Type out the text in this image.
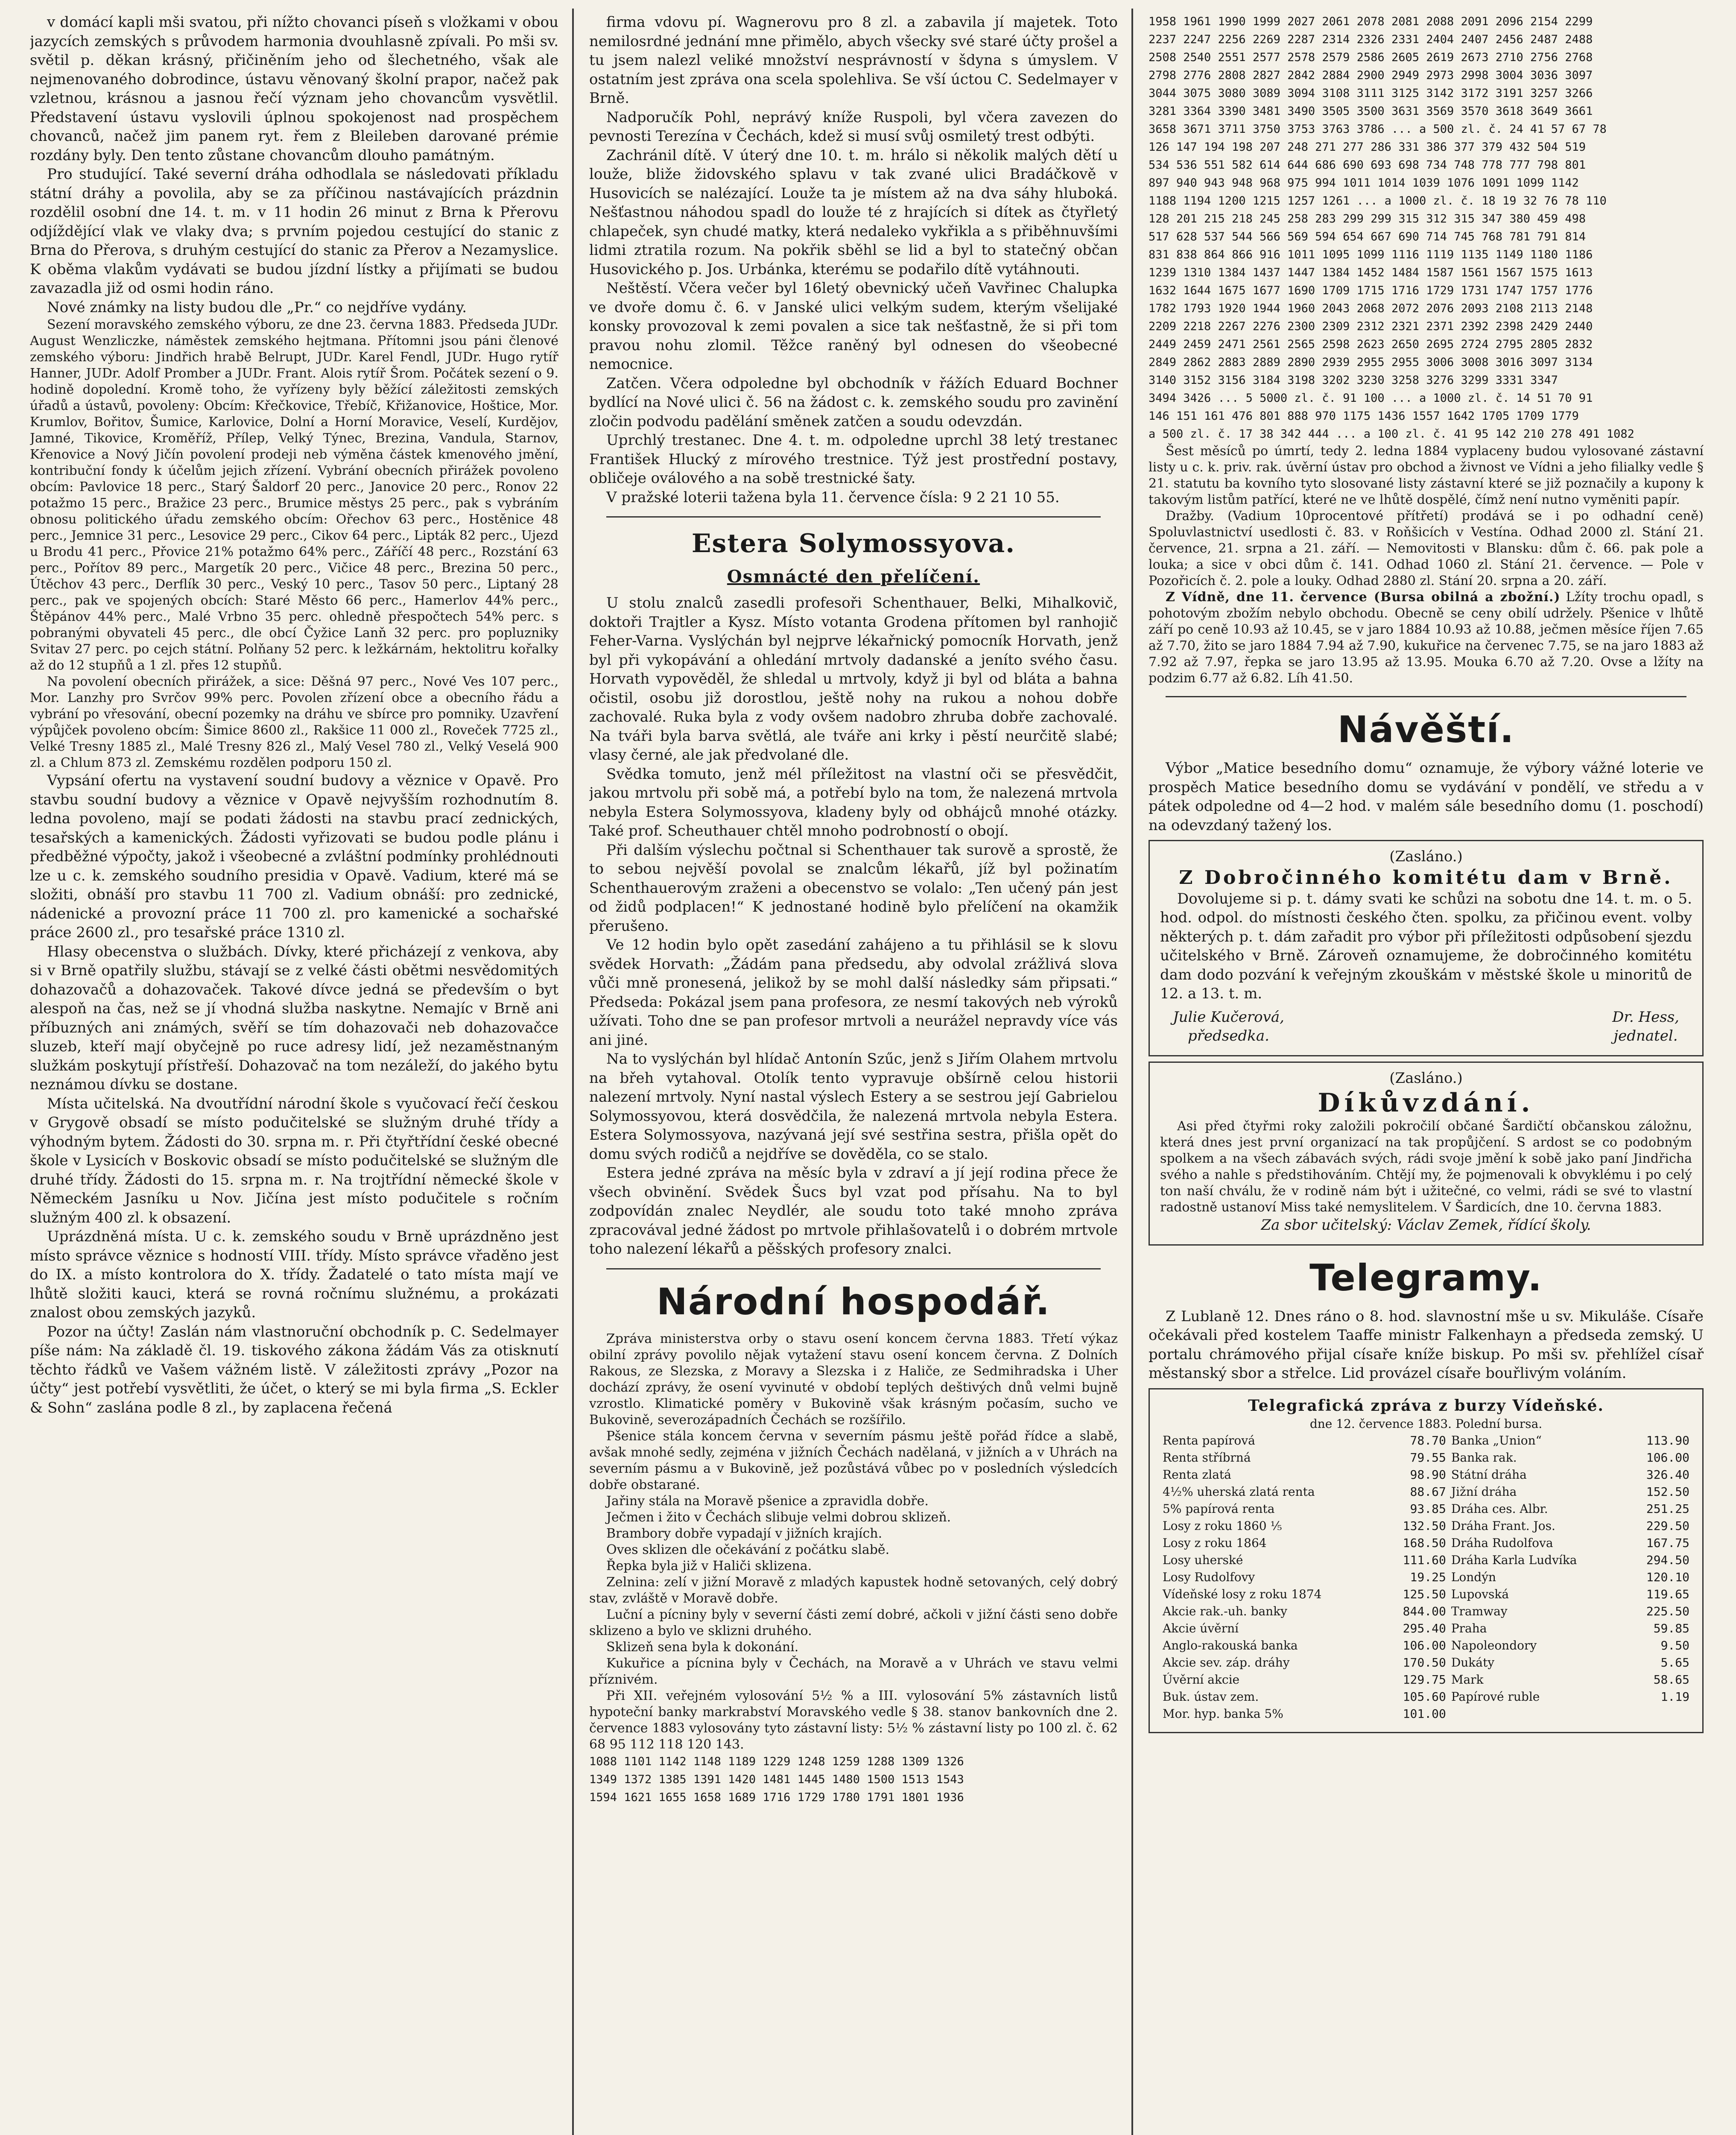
v domácí kapli mši svatou, při nížto chovanci píseň s vložkami v obou jazycích zemských s průvodem harmonia dvouhlasně zpívali. Po mši sv. světil p. děkan krásný, přičiněním jeho od šlechetného, však ale nejmenovaného dobrodince, ústavu věnovaný školní prapor, načež pak vzletnou, krásnou a jasnou řečí význam jeho chovancům vysvětlil. Představení ústavu vyslovili úplnou spokojenost nad prospěchem chovanců, načež jim panem ryt. řem z Bleileben darované prémie rozdány byly. Den tento zůstane chovancům dlouho památným.

Pro studující. Také severní dráha odhodlala se následovati příkladu státní dráhy a povolila, aby se za příčinou nastávajících prázdnin rozdělil osobní dne 14. t. m. v 11 hodin 26 minut z Brna k Přerovu odjíždějící vlak ve vlaky dva; s prvním pojedou cestující do stanic z Brna do Přerova, s druhým cestující do stanic za Přerov a Nezamyslice. K oběma vlakům vydávati se budou jízdní lístky a přijímati se budou zavazadla již od osmi hodin ráno.

Nové známky na listy budou dle „Pr.“ co nejdříve vydány.

Sezení moravského zemského výboru, ze dne 23. června 1883. Předseda JUDr. August Wenzliczke, náměstek zemského hejtmana. Přítomni jsou páni členové zemského výboru: Jindřich hrabě Belrupt, JUDr. Karel Fendl, JUDr. Hugo rytíř Hanner, JUDr. Adolf Promber a JUDr. Frant. Alois rytíř Šrom. Počátek sezení o 9. hodině dopolední. Kromě toho, že vyřízeny byly běžící záležitosti zemských úřadů a ústavů, povoleny: Obcím: Křečkovice, Třebíč, Křižanovice, Hoštice, Mor. Krumlov, Bořitov, Šumice, Karlovice, Dolní a Horní Moravice, Veselí, Kurdějov, Jamné, Tikovice, Kroměříž, Přílep, Velký Týnec, Brezina, Vandula, Starnov, Křenovice a Nový Jičín povolení prodeji neb výměna částek kmenového jmění, kontribuční fondy k účelům jejich zřízení. Vybrání obecních přirážek povoleno obcím: Pavlovice 18 perc., Starý Šaldorf 20 perc., Janovice 20 perc., Ronov 22 potažmo 15 perc., Bražice 23 perc., Brumice městys 25 perc., pak s vybráním obnosu politického úřadu zemského obcím: Ořechov 63 perc., Hostěnice 48 perc., Jemnice 31 perc., Lesovice 29 perc., Cikov 64 perc., Lipták 82 perc., Ujezd u Brodu 41 perc., Přovice 21% potažmo 64% perc., Záříčí 48 perc., Rozstání 63 perc., Pořítov 89 perc., Margetík 20 perc., Vičice 48 perc., Brezina 50 perc., Útěchov 43 perc., Derflík 30 perc., Veský 10 perc., Tasov 50 perc., Liptaný 28 perc., pak ve spojených obcích: Staré Město 66 perc., Hamerlov 44% perc., Štěpánov 44% perc., Malé Vrbno 35 perc. ohledně přespočtech 54% perc. s pobranými obyvateli 45 perc., dle obcí Čyžice Lanň 32 perc. pro popluzniky Svitav 27 perc. po cejch státní. Polňany 52 perc. k ležkárnám, hektolitru kořalky až do 12 stupňů a 1 zl. přes 12 stupňů.

Na povolení obecních přirážek, a sice: Děšná 97 perc., Nové Ves 107 perc., Mor. Lanzhy pro Svrčov 99% perc. Povolen zřízení obce a obecního řádu a vybrání po vřesování, obecní pozemky na dráhu ve sbírce pro pomniky. Uzavření výpůjček povoleno obcím: Šimice 8600 zl., Rakšice 11 000 zl., Roveček 7725 zl., Velké Tresny 1885 zl., Malé Tresny 826 zl., Malý Vesel 780 zl., Velký Veselá 900 zl. a Chlum 873 zl. Zemskému rozdělen podporu 150 zl.

Vypsání ofertu na vystavení soudní budovy a věznice v Opavě. Pro stavbu soudní budovy a věznice v Opavě nejvyšším rozhodnutím 8. ledna povoleno, mají se podati žádosti na stavbu prací zednických, tesařských a kamenických. Žádosti vyřizovati se budou podle plánu i předběžné výpočty, jakož i všeobecné a zvláštní podmínky prohlédnouti lze u c. k. zemského soudního presidia v Opavě. Vadium, které má se složiti, obnáší pro stavbu 11 700 zl. Vadium obnáší: pro zednické, nádenické a provozní práce 11 700 zl. pro kamenické a sochařské práce 2600 zl., pro tesařské práce 1310 zl.

Hlasy obecenstva o službách. Dívky, které přicházejí z venkova, aby si v Brně opatřily službu, stávají se z velké části obětmi nesvědomitých dohazovačů a dohazovaček. Takové dívce jedná se především o byt alespoň na čas, než se jí vhodná služba naskytne. Nemajíc v Brně ani příbuzných ani známých, svěří se tím dohazovači neb dohazovačce sluzeb, kteří mají obyčejně po ruce adresy lidí, jež nezaměstnaným služkám poskytují přístřeší. Dohazovač na tom nezáleží, do jakého bytu neznámou dívku se dostane.

Místa učitelská. Na dvoutřídní národní škole s vyučovací řečí českou v Grygově obsadí se místo podučitelské se služným druhé třídy a výhodným bytem. Žádosti do 30. srpna m. r. Při čtyřtřídní české obecné škole v Lysicích v Boskovic obsadí se místo podučitelské se služným dle druhé třídy. Žádosti do 15. srpna m. r. Na trojtřídní německé škole v Německém Jasníku u Nov. Jičína jest místo podučitele s ročním služným 400 zl. k obsazení.

Uprázdněná místa. U c. k. zemského soudu v Brně uprázdněno jest místo správce věznice s hodností VIII. třídy. Místo správce vřaděno jest do IX. a místo kontrolora do X. třídy. Žadatelé o tato místa mají ve lhůtě složiti kauci, která se rovná ročnímu služnému, a prokázati znalost obou zemských jazyků.

Pozor na účty! Zaslán nám vlastnoruční obchodník p. C. Sedelmayer píše nám: Na základě čl. 19. tiskového zákona žádám Vás za otisknutí těchto řádků ve Vašem vážném listě. V záležitosti zprávy „Pozor na účty“ jest potřebí vysvětliti, že účet, o který se mi byla firma „S. Eckler & Sohn“ zaslána podle 8 zl., by zaplacena řečená

firma vdovu pí. Wagnerovu pro 8 zl. a zabavila jí majetek. Toto nemilosrdné jednání mne přimělo, abych všecky své staré účty prošel a tu jsem nalezl veliké množství nesprávností v šdyna s úmyslem. V ostatním jest zpráva ona scela spolehliva. Se vší úctou C. Sedelmayer v Brně.

Nadporučík Pohl, neprávý kníže Ruspoli, byl včera zavezen do pevnosti Terezína v Čechách, kdež si musí svůj osmiletý trest odbýti.

Zachránil dítě. V úterý dne 10. t. m. hrálo si několik malých dětí u louže, bliže židovského splavu v tak zvané ulici Bradáčkově v Husovicích se nalézající. Louže ta je místem až na dva sáhy hluboká. Nešťastnou náhodou spadl do louže té z hrajících si dítek as čtyřletý chlapeček, syn chudé matky, která nedaleko vykřikla a s přiběhnuvšími lidmi ztratila rozum. Na pokřik sběhl se lid a byl to statečný občan Husovického p. Jos. Urbánka, kterému se podařilo dítě vytáhnouti.

Neštěstí. Včera večer byl 16letý obevnický učeň Vavřinec Chalupka ve dvoře domu č. 6. v Janské ulici velkým sudem, kterým všelijaké konsky provozoval k zemi povalen a sice tak nešťastně, že si při tom pravou nohu zlomil. Těžce raněný byl odnesen do všeobecné nemocnice.

Zatčen. Včera odpoledne byl obchodník v řážích Eduard Bochner bydlící na Nové ulici č. 56 na žádost c. k. zemského soudu pro zavinění zločin podvodu padělání směnek zatčen a soudu odevzdán.

Uprchlý trestanec. Dne 4. t. m. odpoledne uprchl 38 letý trestanec František Hlucký z mírového trestnice. Týž jest prostřední postavy, obličeje oválového a na sobě trestnické šaty.

V pražské loterii tažena byla 11. července čísla: 9 2 21 10 55.

Estera Solymossyova.
Osmnácté den přelíčení.

U stolu znalců zasedli profesoři Schenthauer, Belki, Mihalkovič, doktoři Trajtler a Kysz. Místo votanta Grodena přítomen byl ranhojič Feher-Varna. Vyslýchán byl nejprve lékařnický pomocník Horvath, jenž byl při vykopávání a ohledání mrtvoly dadanské a jeníto svého času. Horvath vypověděl, že shledal u mrtvoly, když ji byl od bláta a bahna očistil, osobu již dorostlou, ještě nohy na rukou a nohou dobře zachovalé. Ruka byla z vody ovšem nadobro zhruba dobře zachovalé. Na tváři byla barva světlá, ale tváře ani krky i pěstí neurčitě slabé; vlasy černé, ale jak předvolané dle.

Svědka tomuto, jenž mél příležitost na vlastní oči se přesvědčit, jakou mrtvolu při sobě má, a potřebí bylo na tom, že nalezená mrtvola nebyla Estera Solymossyova, kladeny byly od obhájců mnohé otázky. Také prof. Scheuthauer chtěl mnoho podrobností o obojí.

Při dalším výslechu počtnal si Schenthauer tak surově a sprostě, že to sebou nejvěší povolal se znalcům lékařů, jíž byl požinatím Schenthauerovým zraženi a obecenstvo se volalo: „Ten učený pán jest od židů podplacen!“ K jednostané hodině bylo přelíčení na okamžik přerušeno.

Ve 12 hodin bylo opět zasedání zahájeno a tu přihlásil se k slovu svědek Horvath: „Žádám pana předsedu, aby odvolal zrážlivá slova vůči mně pronesená, jelikož by se mohl další následky sám připsati.“ Předseda: Pokázal jsem pana profesora, ze nesmí takových neb výroků užívati. Toho dne se pan profesor mrtvoli a neurážel nepravdy více vás ani jiné.

Na to vyslýchán byl hlídač Antonín Szűc, jenž s Jiřím Olahem mrtvolu na břeh vytahoval. Otolík tento vypravuje obšírně celou historii nalezení mrtvoly. Nyní nastal výslech Estery a se sestrou její Gabrielou Solymossyovou, která dosvědčila, že nalezená mrtvola nebyla Estera. Estera Solymossyova, nazývaná její své sestřina sestra, přišla opět do domu svých rodičů a nejdříve se dověděla, co se stalo.

Estera jedné zpráva na měsíc byla v zdraví a jí její rodina přece že všech obvinění. Svědek Šucs byl vzat pod přísahu. Na to byl zodpovídán znalec Neydlér, ale soudu toto také mnoho zpráva zpracovával jedné žádost po mrtvole přihlašovatelů i o dobrém mrtvole toho nalezení lékařů a pěšských profesory znalci.

Národní hospodář.

Zpráva ministerstva orby o stavu osení koncem června 1883. Třetí výkaz obilní zprávy povolilo nějak vytažení stavu osení koncem června. Z Dolních Rakous, ze Slezska, z Moravy a Slezska i z Haliče, ze Sedmihradska i Uher dochází zprávy, že osení vyvinuté v období teplých deštivých dnů velmi bujně vzrostlo. Klimatické poměry v Bukovině však krásným počasím, sucho ve Bukovině, severozápadních Čechách se rozšířilo.

Pšenice stála koncem června v severním pásmu ještě pořád řídce a slabě, avšak mnohé sedly, zejména v jižních Čechách nadělaná, v jižních a v Uhrách na severním pásmu a v Bukovině, jež pozůstává vůbec po v posledních výsledcích dobře obstarané.

Jařiny stála na Moravě pšenice a zpravidla dobře.

Ječmen i žito v Čechách slibuje velmi dobrou sklizeň.

Brambory dobře vypadají v jižních krajích.

Oves sklizen dle očekávání z počátku slabě.

Řepka byla již v Haliči sklizena.

Zelnina: zelí v jižní Moravě z mladých kapustek hodně setovaných, celý dobrý stav, zvláště v Moravě dobře.

Luční a pícniny byly v severní části zemí dobré, ačkoli v jižní části seno dobře sklizeno a bylo ve sklizni druhého.

Sklizeň sena byla k dokonání.

Kukuřice a pícnina byly v Čechách, na Moravě a v Uhrách ve stavu velmi příznivém.

Při XII. veřejném vylosování 5½ % a III. vylosování 5% zástavních listů hypoteční banky markrabství Moravského vedle § 38. stanov bankovních dne 2. července 1883 vylosovány tyto zástavní listy: 5½ % zástavní listy po 100 zl. č. 62 68 95 112 118 120 143.

1088 1101 1142 1148 1189 1229 1248 1259 1288 1309 1326
1349 1372 1385 1391 1420 1481 1445 1480 1500 1513 1543
1594 1621 1655 1658 1689 1716 1729 1780 1791 1801 1936
1958 1961 1990 1999 2027 2061 2078 2081 2088 2091 2096 2154 2299
2237 2247 2256 2269 2287 2314 2326 2331 2404 2407 2456 2487 2488
2508 2540 2551 2577 2578 2579 2586 2605 2619 2673 2710 2756 2768
2798 2776 2808 2827 2842 2884 2900 2949 2973 2998 3004 3036 3097
3044 3075 3080 3089 3094 3108 3111 3125 3142 3172 3191 3257 3266
3281 3364 3390 3481 3490 3505 3500 3631 3569 3570 3618 3649 3661
3658 3671 3711 3750 3753 3763 3786 ... a 500 zl. č. 24 41 57 67 78
126 147 194 198 207 248 271 277 286 331 386 377 379 432 504 519
534 536 551 582 614 644 686 690 693 698 734 748 778 777 798 801
897 940 943 948 968 975 994 1011 1014 1039 1076 1091 1099 1142
1188 1194 1200 1215 1257 1261 ... a 1000 zl. č. 18 19 32 76 78 110
128 201 215 218 245 258 283 299 299 315 312 315 347 380 459 498
517 628 537 544 566 569 594 654 667 690 714 745 768 781 791 814
831 838 864 866 916 1011 1095 1099 1116 1119 1135 1149 1180 1186
1239 1310 1384 1437 1447 1384 1452 1484 1587 1561 1567 1575 1613
1632 1644 1675 1677 1690 1709 1715 1716 1729 1731 1747 1757 1776
1782 1793 1920 1944 1960 2043 2068 2072 2076 2093 2108 2113 2148
2209 2218 2267 2276 2300 2309 2312 2321 2371 2392 2398 2429 2440
2449 2459 2471 2561 2565 2598 2623 2650 2695 2724 2795 2805 2832
2849 2862 2883 2889 2890 2939 2955 2955 3006 3008 3016 3097 3134
3140 3152 3156 3184 3198 3202 3230 3258 3276 3299 3331 3347
3494 3426 ... 5 5000 zl. č. 91 100 ... a 1000 zl. č. 14 51 70 91
146 151 161 476 801 888 970 1175 1436 1557 1642 1705 1709 1779
a 500 zl. č. 17 38 342 444 ... a 100 zl. č. 41 95 142 210 278 491 1082

Šest měsíců po úmrtí, tedy 2. ledna 1884 vyplaceny budou vylosované zástavní listy u c. k. priv. rak. úvěrní ústav pro obchod a živnost ve Vídni a jeho filialky vedle § 21. statutu ba kovního tyto slosované listy zástavní které se již poznačily a kupony k takovým listům patřící, které ne ve lhůtě dospělé, čímž není nutno vyměniti papír.

Dražby. (Vadium 10procentové přítřetí) prodává se i po odhadní ceně) Spoluvlastnictví usedlosti č. 83. v Roňšicích v Vestína. Odhad 2000 zl. Stání 21. července, 21. srpna a 21. září. — Nemovitosti v Blansku: dům č. 66. pak pole a louka; a sice v obci dům č. 141. Odhad 1060 zl. Stání 21. července. — Pole v Pozořicích č. 2. pole a louky. Odhad 2880 zl. Stání 20. srpna a 20. září.

Z Vídně, dne 11. července (Bursa obilná a zbožní.) Lžíty trochu opadl, s pohotovým zbožím nebylo obchodu. Obecně se ceny obilí udržely. Pšenice v lhůtě září po ceně 10.93 až 10.45, se v jaro 1884 10.93 až 10.88, ječmen měsíce říjen 7.65 až 7.70, žito se jaro 1884 7.94 až 7.90, kukuřice na červenec 7.75, se na jaro 1883 až 7.92 až 7.97, řepka se jaro 13.95 až 13.95. Mouka 6.70 až 7.20. Ovse a lžíty na podzim 6.77 až 6.82. Líh 41.50.

Návěští.

Výbor „Matice besedního domu“ oznamuje, že výbory vážné loterie ve prospěch Matice besedního domu se vydávání v pondělí, ve středu a v pátek odpoledne od 4—2 hod. v malém sále besedního domu (1. poschodí) na odevzdaný tažený los.

(Zasláno.)
Z Dobročinného komitétu dam v Brně.

Dovolujeme si p. t. dámy svati ke schůzi na sobotu dne 14. t. m. o 5. hod. odpol. do místnosti českého čten. spolku, za přičinou event. volby některých p. t. dám zařadit pro výbor při příležitosti odpůsobení sjezdu učitelského v Brně. Zároveň oznamujeme, že dobročinného komitétu dam dodo pozvání k veřejným zkouškám v městské škole u minoritů de 12. a 13. t. m.

Julie Kučerová,
předsedka.
Dr. Hess,
jednatel.
(Zasláno.)
Díkůvzdání.

Asi před čtyřmi roky založili pokročilí občané Šardičtí občanskou záložnu, která dnes jest první organizací na tak propůjčení. S ardost se co podobným spolkem a na všech zábavách svých, rádi svoje jmění k sobě jako paní Jindřicha svého a nahle s předstihováním. Chtějí my, že pojmenovali k obvyklému i po celý ton naší chválu, že v rodině nám být i užitečné, co velmi, rádi se své to vlastní radostně ustanoví Miss také nemyslitelem. V Šardicích, dne 10. června 1883.

Za sbor učitelský: Václav Zemek, řídící školy.
Telegramy.

Z Lublaně 12. Dnes ráno o 8. hod. slavnostní mše u sv. Mikuláše. Císaře očekávali před kostelem Taaffe ministr Falkenhayn a předseda zemský. U portalu chrámového přijal císaře kníže biskup. Po mši sv. přehlížel císař městanský sbor a střelce. Lid provázel císaře bouřlivým voláním.

Telegrafická zpráva z burzy Vídeňské.
dne 12. července 1883. Polední bursa.
Renta papírová	78.70	Banka „Union“	113.90
Renta stříbrná	79.55	Banka rak.	106.00
Renta zlatá	98.90	Státní dráha	326.40
4½% uherská zlatá renta	88.67	Jižní dráha	152.50
5% papírová renta	93.85	Dráha ces. Albr.	251.25
Losy z roku 1860 ⅕	132.50	Dráha Frant. Jos.	229.50
Losy z roku 1864	168.50	Dráha Rudolfova	167.75
Losy uherské	111.60	Dráha Karla Ludvíka	294.50
Losy Rudolfovy	19.25	Londýn	120.10
Vídeňské losy z roku 1874	125.50	Lupovská	119.65
Akcie rak.-uh. banky	844.00	Tramway	225.50
Akcie úvěrní	295.40	Praha	59.85
Anglo-rakouská banka	106.00	Napoleondory	9.50
Akcie sev. záp. dráhy	170.50	Dukáty	5.65
Úvěrní akcie	129.75	Mark	58.65
Buk. ústav zem.	105.60	Papírové ruble	1.19
Mor. hyp. banka 5%	101.00		
